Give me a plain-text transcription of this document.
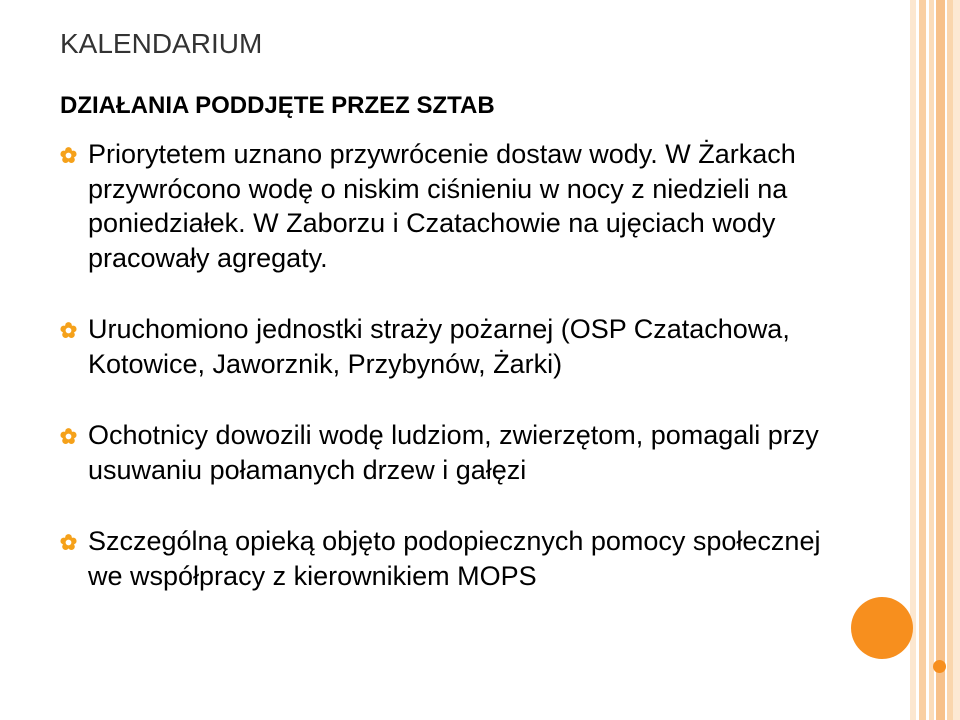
KALENDARIUM
DZIAŁANIA PODDJĘTE PRZEZ SZTAB
Priorytetem uznano przywrócenie dostaw wody. W Żarkach przywrócono wodę o niskim ciśnieniu w nocy z niedzieli na poniedziałek. W Zaborzu i Czatachowie na ujęciach wody pracowały agregaty.
Uruchomiono jednostki straży pożarnej (OSP Czatachowa, Kotowice, Jaworznik, Przybynów, Żarki)
Ochotnicy dowozili wodę ludziom, zwierzętom, pomagali przy usuwaniu połamanych drzew i gałęzi
Szczególną opieką objęto podopiecznych pomocy społecznej we współpracy z kierownikiem MOPS
